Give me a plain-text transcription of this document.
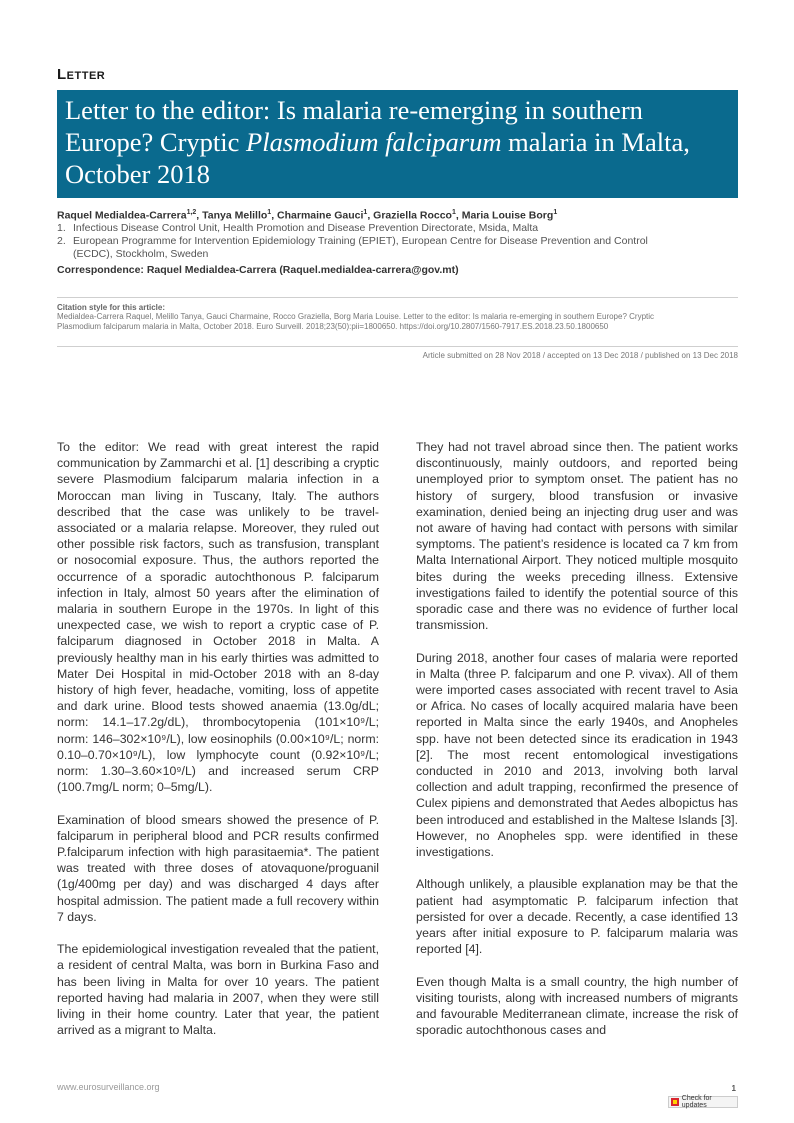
Letter
Letter to the editor: Is malaria re-emerging in southern Europe? Cryptic Plasmodium falciparum malaria in Malta, October 2018
Raquel Medialdea-Carrera$^{1,2}$, Tanya Melillo$^1$, Charmaine Gauci$^1$, Graziella Rocco$^1$, Maria Louise Borg$^1$
1. Infectious Disease Control Unit, Health Promotion and Disease Prevention Directorate, Msida, Malta
2. European Programme for Intervention Epidemiology Training (EPIET), European Centre for Disease Prevention and Control
(ECDC), Stockholm, Sweden
Correspondence: Raquel Medialdea-Carrera (Raquel.medialdea-carrera@gov.mt)
Citation style for this article:
Medialdea-Carrera Raquel, Melillo Tanya, Gauci Charmaine, Rocco Graziella, Borg Maria Louise. Letter to the editor: Is malaria re-emerging in southern Europe? Cryptic Plasmodium falciparum malaria in Malta, October 2018. Euro Surveill. 2018;23(50):pii=1800650. https://doi.org/10.2807/1560-7917.ES.2018.23.50.1800650
Article submitted on 28 Nov 2018 / accepted on 13 Dec 2018 / published on 13 Dec 2018

To the editor: We read with great interest the rapid communication by Zammarchi et al. [1] describing a cryptic severe Plasmodium falciparum malaria infection in a Moroccan man living in Tuscany, Italy. The authors described that the case was unlikely to be travel-associated or a malaria relapse. Moreover, they ruled out other possible risk factors, such as transfusion, transplant or nosocomial exposure. Thus, the authors reported the occurrence of a sporadic autochthonous P. falciparum infection in Italy, almost 50 years after the elimination of malaria in southern Europe in the 1970s. In light of this unexpected case, we wish to report a cryptic case of P. falciparum diagnosed in October 2018 in Malta. A previously healthy man in his early thirties was admitted to Mater Dei Hospital in mid-October 2018 with an 8-day history of high fever, headache, vomiting, loss of appetite and dark urine. Blood tests showed anaemia (13.0g/dL; norm: 14.1–17.2g/dL), thrombocytopenia (101×10⁹/L; norm: 146–302×10⁹/L), low eosinophils (0.00×10⁹/L; norm: 0.10–0.70×10⁹/L), low lymphocyte count (0.92×10⁹/L; norm: 1.30–3.60×10⁹/L) and increased serum CRP (100.7mg/L norm; 0–5mg/L).

Examination of blood smears showed the presence of P. falciparum in peripheral blood and PCR results confirmed P.falciparum infection with high parasitaemia*. The patient was treated with three doses of atovaquone/proguanil (1g/400mg per day) and was discharged 4 days after hospital admission. The patient made a full recovery within 7 days.

The epidemiological investigation revealed that the patient, a resident of central Malta, was born in Burkina Faso and has been living in Malta for over 10 years. The patient reported having had malaria in 2007, when they were still living in their home country. Later that year, the patient arrived as a migrant to Malta.

They had not travel abroad since then. The patient works discontinuously, mainly outdoors, and reported being unemployed prior to symptom onset. The patient has no history of surgery, blood transfusion or invasive examination, denied being an injecting drug user and was not aware of having had contact with persons with similar symptoms. The patient’s residence is located ca 7 km from Malta International Airport. They noticed multiple mosquito bites during the weeks preceding illness. Extensive investigations failed to identify the potential source of this sporadic case and there was no evidence of further local transmission.

During 2018, another four cases of malaria were reported in Malta (three P. falciparum and one P. vivax). All of them were imported cases associated with recent travel to Asia or Africa. No cases of locally acquired malaria have been reported in Malta since the early 1940s, and Anopheles spp. have not been detected since its eradication in 1943 [2]. The most recent entomological investigations conducted in 2010 and 2013, involving both larval collection and adult trapping, reconfirmed the presence of Culex pipiens and demonstrated that Aedes albopictus has been introduced and established in the Maltese Islands [3]. However, no Anopheles spp. were identified in these investigations.

Although unlikely, a plausible explanation may be that the patient had asymptomatic P. falciparum infection that persisted for over a decade. Recently, a case identified 13 years after initial exposure to P. falciparum malaria was reported [4].

Even though Malta is a small country, the high number of visiting tourists, along with increased numbers of migrants and favourable Mediterranean climate, increase the risk of sporadic autochthonous cases and

www.eurosurveillance.org	1
Check for updates
